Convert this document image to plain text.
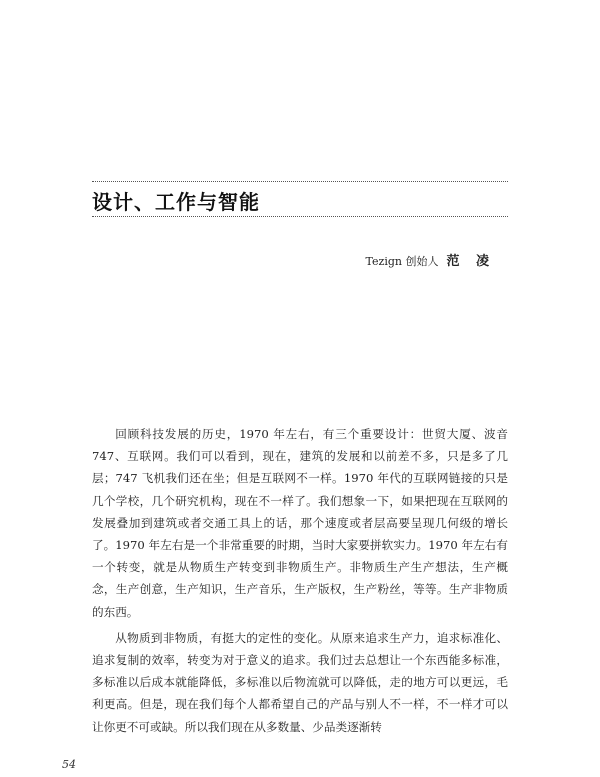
设计、工作与智能
Tezign 创始人 范 凌

回顾科技发展的历史，1970 年左右，有三个重要设计：世贸大厦、波音 747、互联网。我们可以看到，现在，建筑的发展和以前差不多，只是多了几层；747 飞机我们还在坐；但是互联网不一样。1970 年代的互联网链接的只是几个学校，几个研究机构，现在不一样了。我们想象一下，如果把现在互联网的发展叠加到建筑或者交通工具上的话，那个速度或者层高要呈现几何级的增长了。1970 年左右是一个非常重要的时期，当时大家要拼软实力。1970 年左右有一个转变，就是从物质生产转变到非物质生产。非物质生产生产想法，生产概念，生产创意，生产知识，生产音乐，生产版权，生产粉丝，等等。生产非物质的东西。

从物质到非物质，有挺大的定性的变化。从原来追求生产力，追求标准化、追求复制的效率，转变为对于意义的追求。我们过去总想让一个东西能多标准，多标准以后成本就能降低，多标准以后物流就可以降低，走的地方可以更远，毛利更高。但是，现在我们每个人都希望自己的产品与别人不一样，不一样才可以让你更不可或缺。所以我们现在从多数量、少品类逐渐转

54
